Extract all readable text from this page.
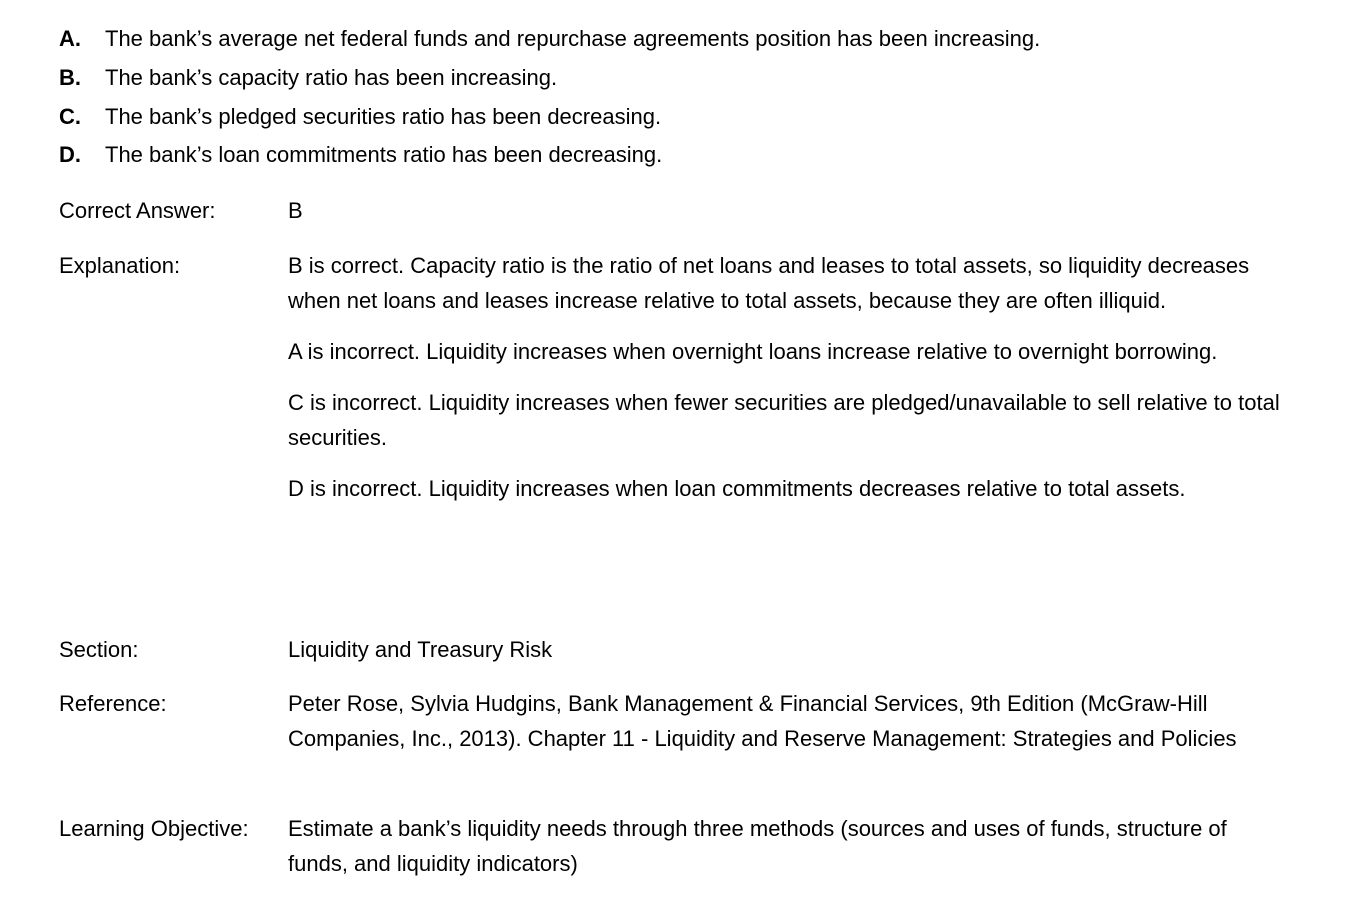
A.	The bank’s average net federal funds and repurchase agreements position has been increasing.
B.	The bank’s capacity ratio has been increasing.
C.	The bank’s pledged securities ratio has been decreasing.
D.	The bank’s loan commitments ratio has been decreasing.
Correct Answer:	B
Explanation:	B is correct. Capacity ratio is the ratio of net loans and leases to total assets, so liquidity decreases when net loans and leases increase relative to total assets, because they are often illiquid.

A is incorrect. Liquidity increases when overnight loans increase relative to overnight borrowing.

C is incorrect. Liquidity increases when fewer securities are pledged/unavailable to sell relative to total securities.

D is incorrect. Liquidity increases when loan commitments decreases relative to total assets.

Section:	Liquidity and Treasury Risk
Reference:	Peter Rose, Sylvia Hudgins, Bank Management & Financial Services, 9th Edition (McGraw-Hill Companies, Inc., 2013). Chapter 11 - Liquidity and Reserve Management: Strategies and Policies
Learning Objective:	Estimate a bank’s liquidity needs through three methods (sources and uses of funds, structure of funds, and liquidity indicators)
